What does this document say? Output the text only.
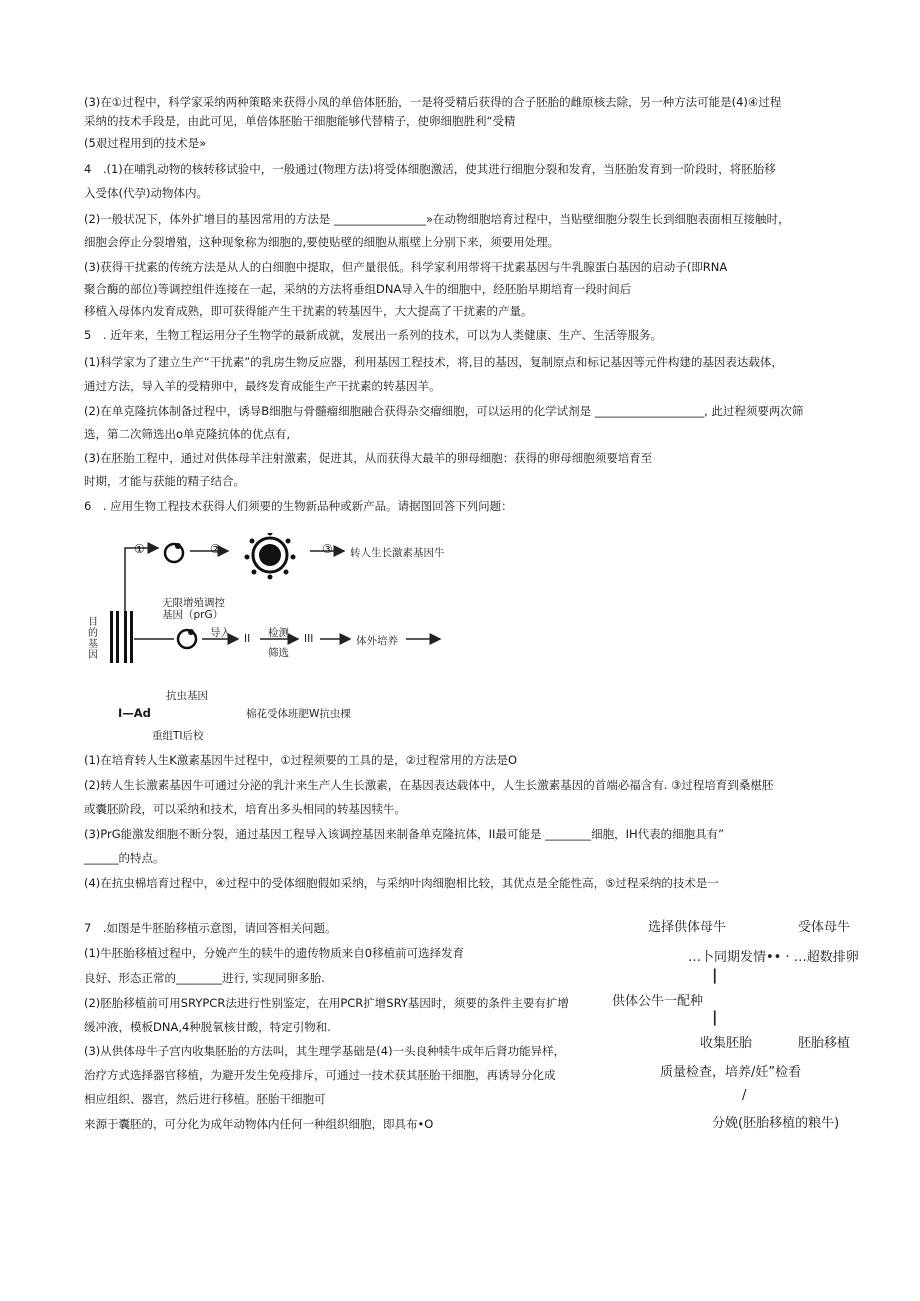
(3)在①过程中，科学家采纳两种策略来获得小凤的单倍体胚胎，一是将受精后获得的合子胚胎的雌原核去除，另一种方法可能是(4)④过程
采纳的技术手段是，由此可见，单倍体胚胎干细胞能够代替精子，使卵细胞胜利“受精
(5艰过程用到的技术是»
4　.(1)在哺乳动物的核转移试验中，一般通过(物理方法)将受体细胞激活，使其进行细胞分裂和发育，当胚胎发育到一阶段时，将胚胎移
入受体(代孕)动物体内。
(2)一般状况下，体外扩增目的基因常用的方法是 ________________»在动物细胞培育过程中，当贴壁细胞分裂生长到细胞表面相互接触时，
细胞会停止分裂增殖，这种现象称为细胞的,要使贴壁的细胞从瓶壁上分别下来，须要用处理。
(3)获得干扰素的传统方法是从人的白细胞中提取，但产量很低。科学家利用带将干扰素基因与牛乳腺蛋白基因的启动子(即RNA
聚合酶的部位)等调控组件连接在一起，采纳的方法将垂组DNA导入牛的细胞中，经胚胎早期培育一段时间后
移植入母体内发育成熟，即可获得能产生干扰素的转基因牛，大大提高了干扰素的产量。
5　. 近年来，生物工程运用分子生物学的最新成就，发展出一系列的技术，可以为人类健康、生产、生活等服务。
(1)科学家为了建立生产“干扰素”的乳房生物反应器，利用基因工程技术，将,目的基因，复制原点和标记基因等元件构建的基因表达载体，
通过方法，导入羊的受精卵中，最终发育成能生产干扰素的转基因羊。
(2)在单克隆抗体制备过程中，诱导B细胞与骨髓瘤细胞融合获得杂交瘤细胞，可以运用的化学试剂是 ___________________, 此过程须要两次筛
选，第二次筛选出o单克隆抗体的优点有,
(3)在胚胎工程中，通过对供体母羊注射激素，促进其，从而获得大最羊的卵母细胞：获得的卵母细胞须要培育至
时期，才能与获能的精子结合。
6　. 应用生物工程技术获得人们须要的生物新品种或新产品。请据图回答下列问题：
①	②	③ 转人生长激素基因牛
目的基因
无限增殖调控
基因（prG）
导入 II 检测
筛选
III	体外培养
抗虫基因
I—Ad	棉花受体班肥W抗虫棵
重组TI后校
(1)在培育转人生K激素基因牛过程中，①过程须要的工具的是，②过程常用的方法是O
(2)转人生长激素基因牛可通过分泌的乳汁来生产人生长激素，在基因表达载体中，人生长激素基因的首端必福含有. ③过程培育到桑椹胚
或囊胚阶段，可以采纳和技术，培育出多头相同的转基因犊牛。
(3)PrG能激发细胞不断分裂，通过基因工程导入该调控基因来制备单克隆抗体，II最可能是 ________细胞，IH代表的细胞具有”
______的特点。
(4)在抗虫棉培育过程中，④过程中的受体细胞假如采纳，与采纳叶肉细胞相比较，其优点是全能性高，⑤过程采纳的技术是一
7　.如图是牛胚胎移植示意图，请回答相关问题。
(1)牛胚胎移植过程中，分娩产生的犊牛的遗传物质来自0移植前可选择发育
良好、形态正常的________进行, 实现同卵多胎.
(2)胚胎移植前可用SRYPCR法进行性别鉴定，在用PCR扩增SRY基因时，须要的条件主要有扩增
缓冲液，模板DNA,4种脱氧核甘酸，特定引物和.
(3)从供体母牛子宫内收集胚胎的方法叫，其生理学基础是(4)一头良种犊牛成年后肾功能异样，
治疗方式选择器官移植，为避开发生免疫排斥，可通过一技术获其胚胎干细胞，再诱导分化成
相应组织、器官，然后进行移植。胚胎干细胞可
来源于囊胚的，可分化为成年动物体内任何一种组织细胞，即具布•O
选择供体母牛	受体母牛
…卜同期发情•• · …超数排卵
|
供体公牛一配种
|
收集胚胎	胚胎移植
质量检查，培养/妊”检看
/
分娩(胚胎移植的粮牛)
